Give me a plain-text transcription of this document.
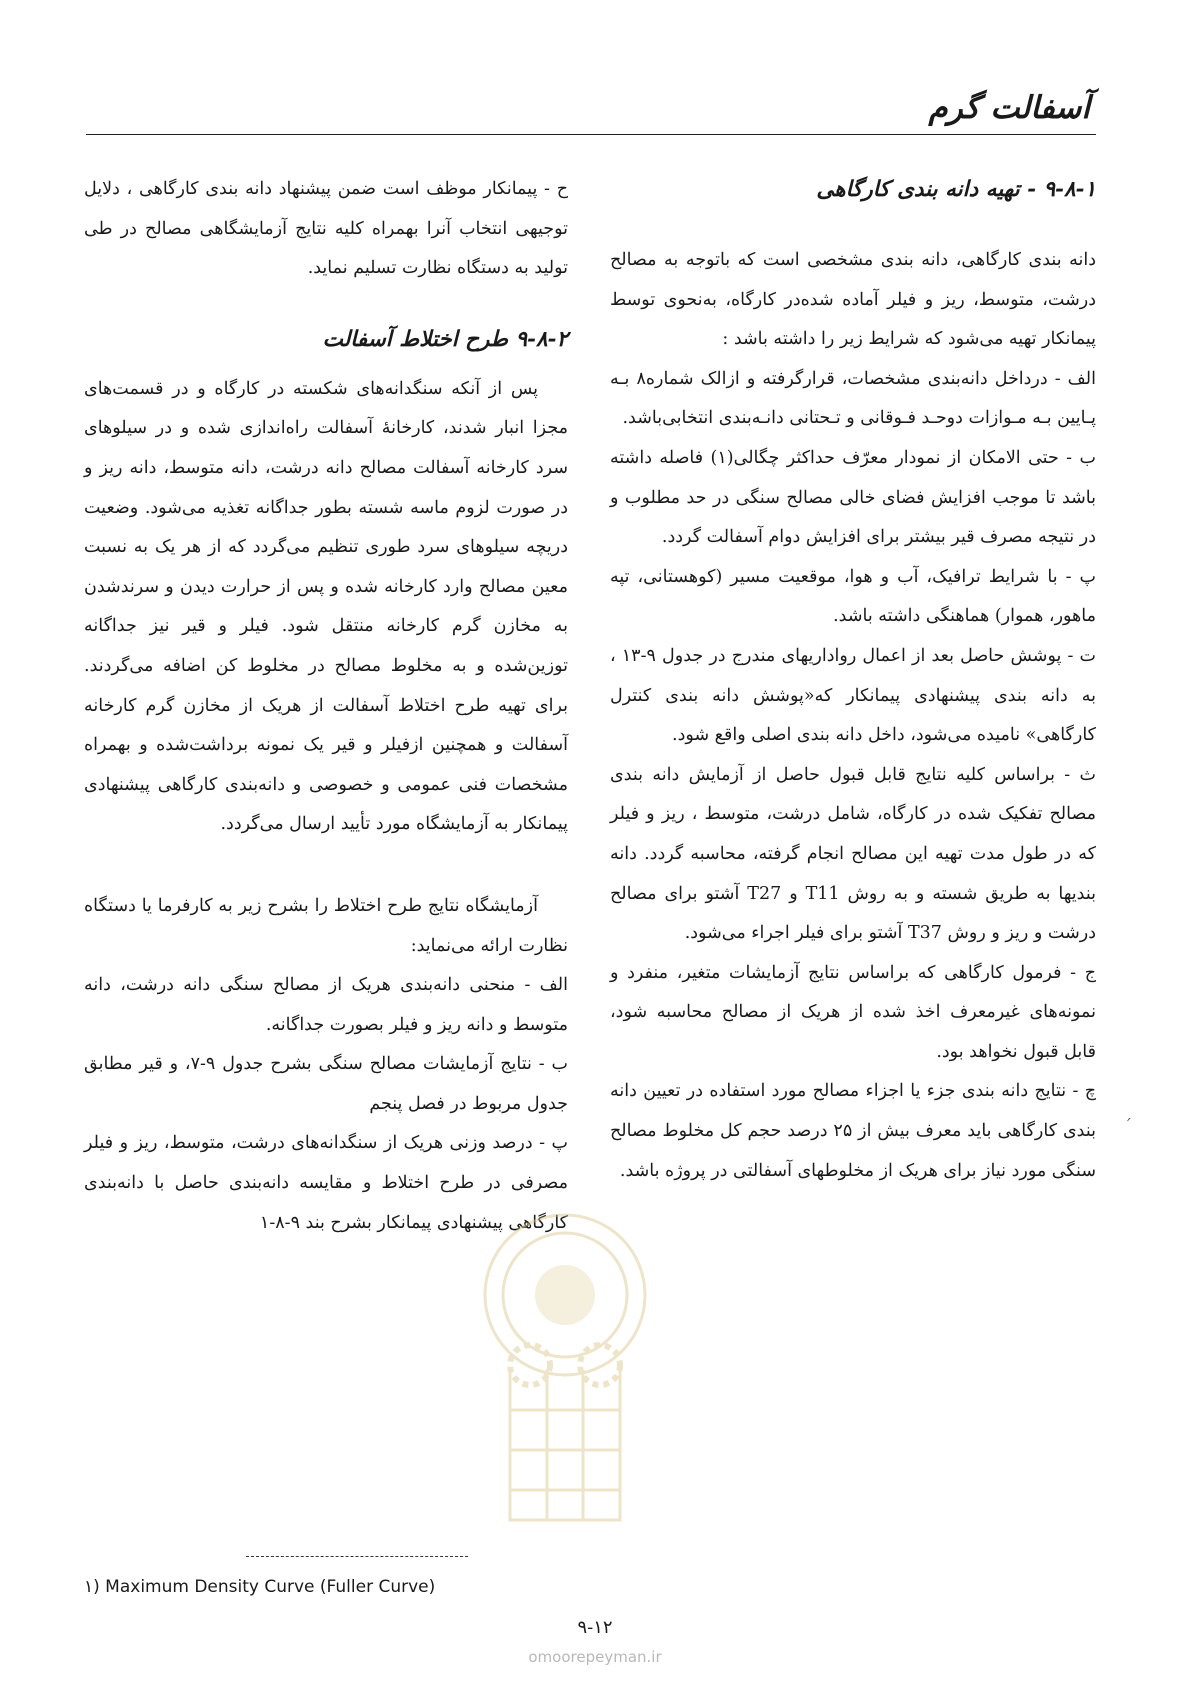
آسفالت گرم
۹-۸-۱ - تهیه دانه بندی کارگاهی

دانه بندی کارگاهی، دانه بندی مشخصی است که باتوجه به مصالح درشت، متوسط، ریز و فیلر آماده شده‌در کارگاه، به‌نحوی توسط پیمانکار تهیه می‌شود که شرایط زیر را داشته باشد :

الف - درداخل دانه‌بندی مشخصات، قرارگرفته و ازالک شماره۸ بـه پـایین بـه مـوازات دوحـد فـوقانی و تـحتانی دانـه‌بندی انتخابی‌باشد.

ب - حتی الامکان از نمودار معرّف حداکثر چگالی(۱) فاصله داشته باشد تا موجب افزایش فضای خالی مصالح سنگی در حد مطلوب و در نتیجه مصرف قیر بیشتر برای افزایش دوام آسفالت گردد.

پ - با شرایط ترافیک، آب و هوا، موقعیت مسیر (کوهستانی، تپه ماهور، هموار) هماهنگی داشته باشد.

ت - پوشش حاصل بعد از اعمال رواداریهای مندرج در جدول ۹-۱۳ ، به دانه بندی پیشنهادی پیمانکار که«پوشش دانه بندی کنترل کارگاهی» نامیده می‌شود، داخل دانه بندی اصلی واقع شود.

ث - براساس کلیه نتایج قابل قبول حاصل از آزمایش دانه بندی مصالح تفکیک شده در کارگاه، شامل درشت، متوسط ، ریز و فیلر که در طول مدت تهیه این مصالح انجام گرفته، محاسبه گردد. دانه بندیها به طریق شسته و به روش T11 و T27 آشتو برای مصالح درشت و ریز و روش T37 آشتو برای فیلر اجراء می‌شود.

ج - فرمول کارگاهی که براساس نتایج آزمایشات متغیر، منفرد و نمونه‌های غیرمعرف اخذ شده از هریک از مصالح محاسبه شود، قابل قبول نخواهد بود.

چ - نتایج دانه بندی جزء یا اجزاء مصالح مورد استفاده در تعیین دانه بندی کارگاهی باید معرف بیش از ۲۵ درصد حجم کل مخلوط مصالح سنگی مورد نیاز برای هریک از مخلوطهای آسفالتی در پروژه باشد.

ح - پیمانکار موظف است ضمن پیشنهاد دانه بندی کارگاهی ، دلایل توجیهی انتخاب آنرا بهمراه کلیه نتایج آزمایشگاهی مصالح در طی تولید به دستگاه نظارت تسلیم نماید.

۹-۸-۲ طرح اختلاط آسفالت

پس از آنکه سنگدانه‌های شکسته در کارگاه و در قسمت‌های مجزا انبار شدند، کارخانهٔ آسفالت راه‌اندازی شده و در سیلوهای سرد کارخانه آسفالت مصالح دانه درشت، دانه متوسط، دانه ریز و در صورت لزوم ماسه شسته بطور جداگانه تغذیه می‌شود. وضعیت دریچه سیلوهای سرد طوری تنظیم می‌گردد که از هر یک به نسبت معین مصالح وارد کارخانه شده و پس از حرارت دیدن و سرندشدن به مخازن گرم کارخانه منتقل شود. فیلر و قیر نیز جداگانه توزین‌شده و به مخلوط مصالح در مخلوط کن اضافه می‌گردند. برای تهیه طرح اختلاط آسفالت از هریک از مخازن گرم کارخانه آسفالت و همچنین ازفیلر و قیر یک نمونه برداشت‌شده و بهمراه مشخصات فنی عمومی و خصوصی و دانه‌بندی کارگاهی پیشنهادی پیمانکار به آزمایشگاه مورد تأیید ارسال می‌گردد.

آزمایشگاه نتایج طرح اختلاط را بشرح زیر به کارفرما یا دستگاه نظارت ارائه می‌نماید:

الف - منحنی دانه‌بندی هریک از مصالح سنگی دانه درشت، دانه متوسط و دانه ریز و فیلر بصورت جداگانه.

ب - نتایج آزمایشات مصالح سنگی بشرح جدول ۹-۷، و قیر مطابق جدول مربوط در فصل پنجم

پ - درصد وزنی هریک از سنگدانه‌های درشت، متوسط، ریز و فیلر مصرفی در طرح اختلاط و مقایسه دانه‌بندی حاصل با دانه‌بندی کارگاهی پیشنهادی پیمانکار بشرح بند ۹-۸-۱

۱) Maximum Density Curve (Fuller Curve)
۹-۱۲
omoorepeyman.ir
ˊ
